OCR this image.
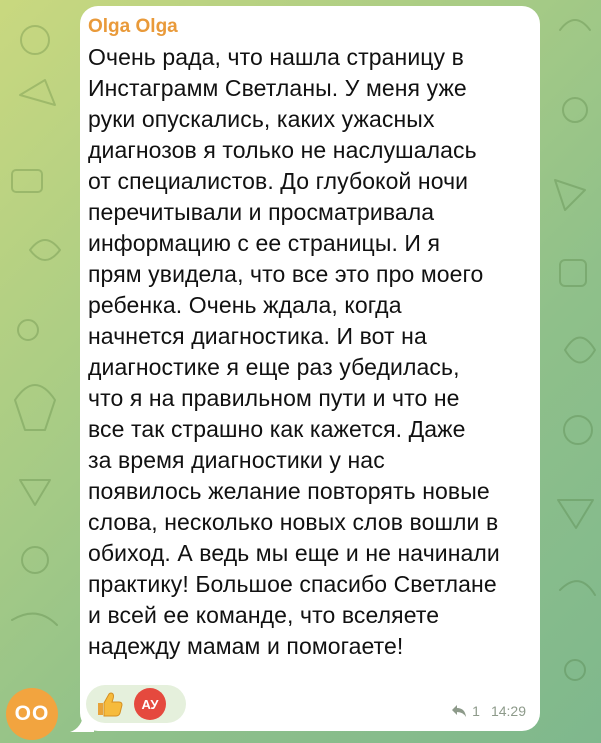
OO
Olga Olga

Очень рада, что нашла страницу в
Инстаграмм Светланы. У меня уже
руки опускались, каких ужасных
диагнозов я только не наслушалась
от специалистов. До глубокой ночи
перечитывали и просматривала
информацию с ее страницы. И я
прям увидела, что все это про моего
ребенка. Очень ждала, когда
начнется диагностика. И вот на
диагностике я еще раз убедилась,
что я на правильном пути и что не
все так страшно как кажется. Даже
за время диагностики у нас
появилось желание повторять новые
слова, несколько новых слов вошли в
обиход. А ведь мы еще и не начинали
практику! Большое спасибо Светлане
и всей ее команде, что вселяете
надежду мамам и помогаете!

АУ	1 14:29
